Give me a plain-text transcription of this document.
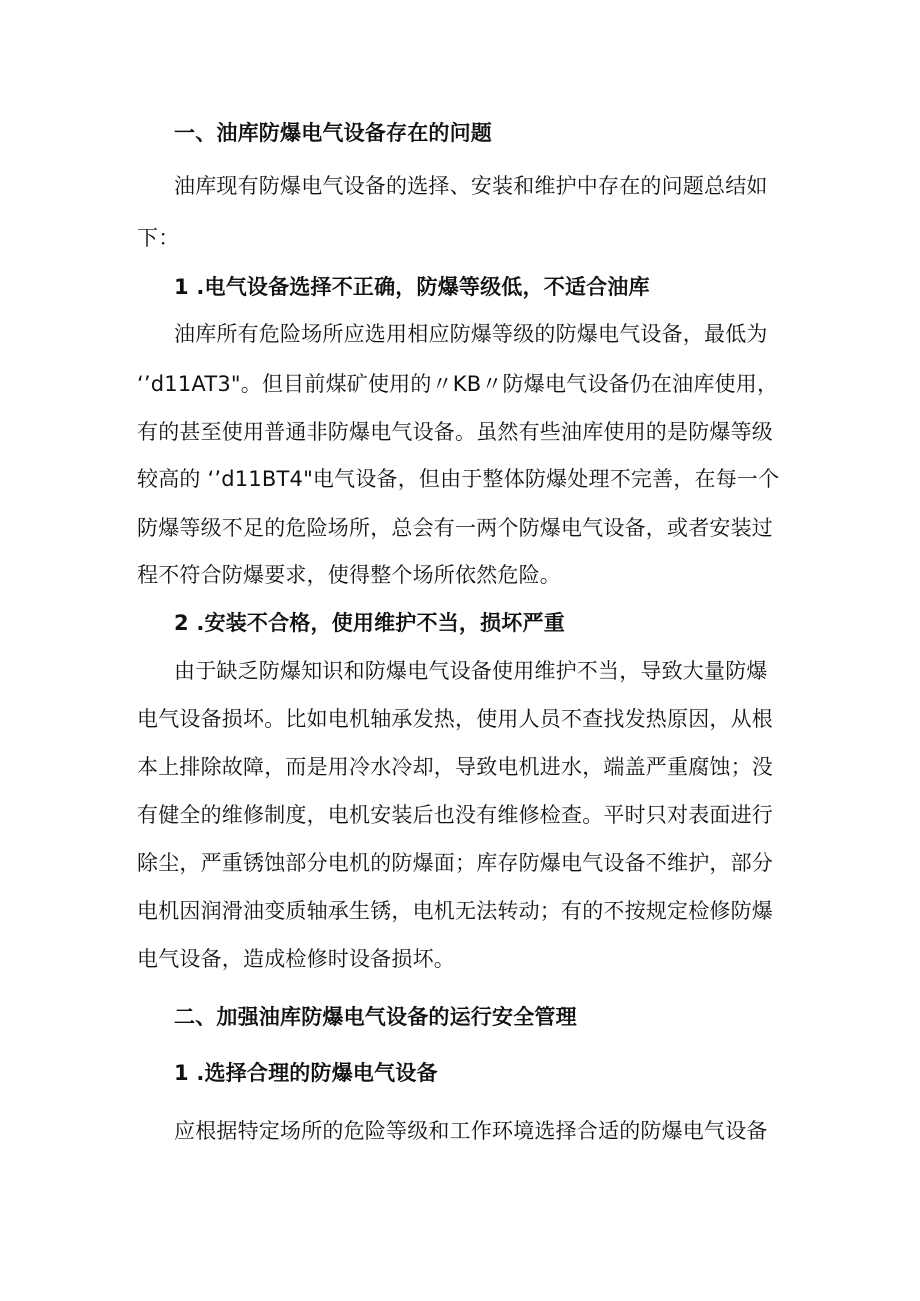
一、油库防爆电气设备存在的问题
油库现有防爆电气设备的选择、安装和维护中存在的问题总结如
下：
1 .电气设备选择不正确，防爆等级低，不适合油库
油库所有危险场所应选用相应防爆等级的防爆电气设备，最低为
‘’d11AT3"。但目前煤矿使用的〃KB〃防爆电气设备仍在油库使用，
有的甚至使用普通非防爆电气设备。虽然有些油库使用的是防爆等级
较高的 ‘’d11BT4"电气设备，但由于整体防爆处理不完善，在每一个
防爆等级不足的危险场所，总会有一两个防爆电气设备，或者安装过
程不符合防爆要求，使得整个场所依然危险。
2 .安装不合格，使用维护不当，损坏严重
由于缺乏防爆知识和防爆电气设备使用维护不当，导致大量防爆
电气设备损坏。比如电机轴承发热，使用人员不查找发热原因，从根
本上排除故障，而是用冷水冷却，导致电机进水，端盖严重腐蚀；没
有健全的维修制度，电机安装后也没有维修检查。平时只对表面进行
除尘，严重锈蚀部分电机的防爆面；库存防爆电气设备不维护，部分
电机因润滑油变质轴承生锈，电机无法转动；有的不按规定检修防爆
电气设备，造成检修时设备损坏。
二、加强油库防爆电气设备的运行安全管理
1 .选择合理的防爆电气设备
应根据特定场所的危险等级和工作环境选择合适的防爆电气设备
